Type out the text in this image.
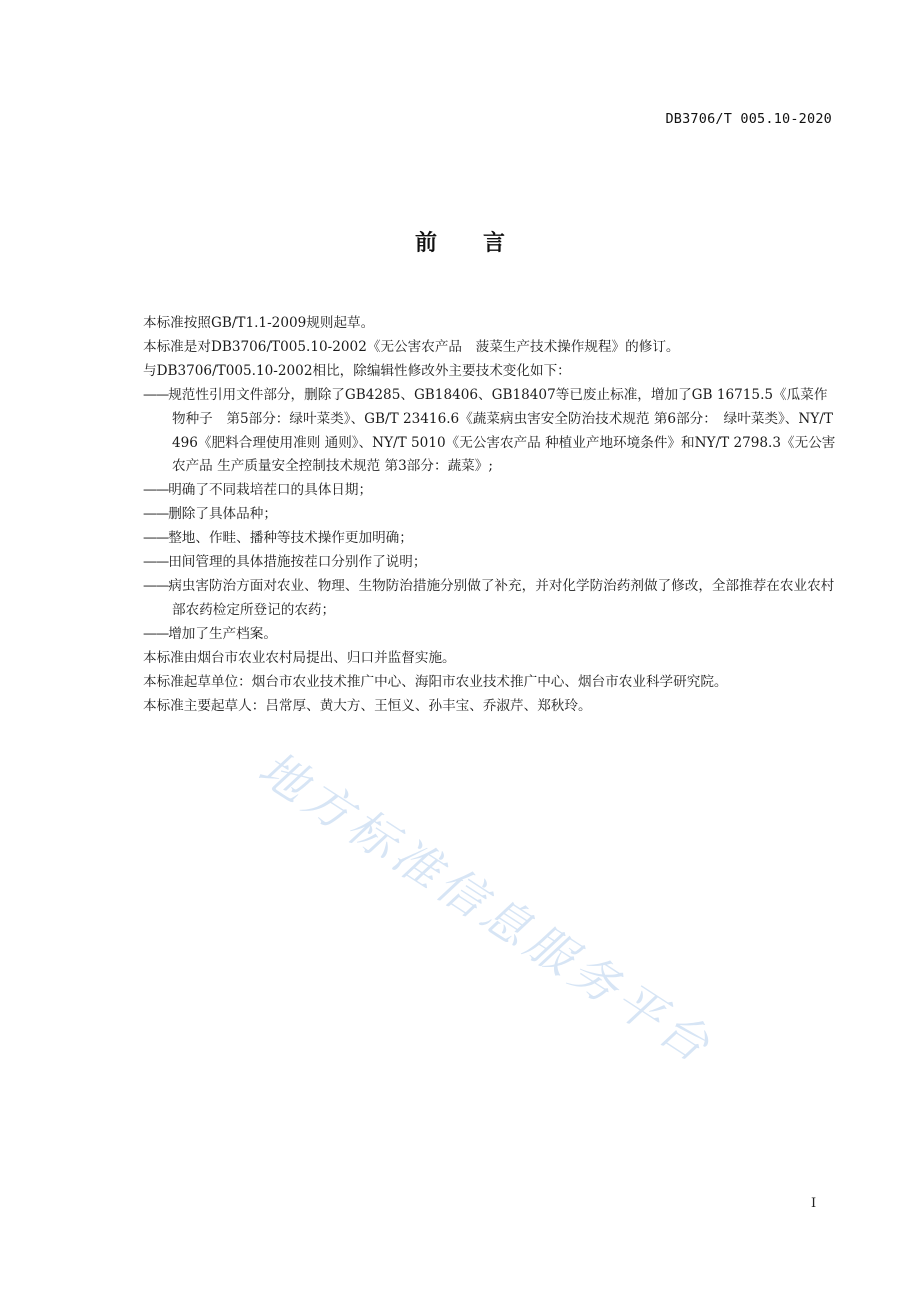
DB3706/T 005.10-2020
前言

本标准按照GB/T1.1-2009规则起草。

本标准是对DB3706/T005.10-2002《无公害农产品　菠菜生产技术操作规程》的修订。

与DB3706/T005.10-2002相比，除编辑性修改外主要技术变化如下：

——规范性引用文件部分，删除了GB4285、GB18406、GB18407等已废止标准，增加了GB 16715.5《瓜菜作物种子　第5部分：绿叶菜类》、GB/T 23416.6《蔬菜病虫害安全防治技术规范 第6部分：　绿叶菜类》、NY/T 496《肥料合理使用准则 通则》、NY/T 5010《无公害农产品 种植业产地环境条件》和NY/T 2798.3《无公害农产品 生产质量安全控制技术规范 第3部分：蔬菜》;

——明确了不同栽培茬口的具体日期；

——删除了具体品种；

——整地、作畦、播种等技术操作更加明确；

——田间管理的具体措施按茬口分别作了说明；

——病虫害防治方面对农业、物理、生物防治措施分别做了补充，并对化学防治药剂做了修改，全部推荐在农业农村部农药检定所登记的农药；

——增加了生产档案。

本标准由烟台市农业农村局提出、归口并监督实施。

本标准起草单位：烟台市农业技术推广中心、海阳市农业技术推广中心、烟台市农业科学研究院。

本标准主要起草人：吕常厚、黄大方、王恒义、孙丰宝、乔淑芹、郑秋玲。

地方标准信息服务平台
I
